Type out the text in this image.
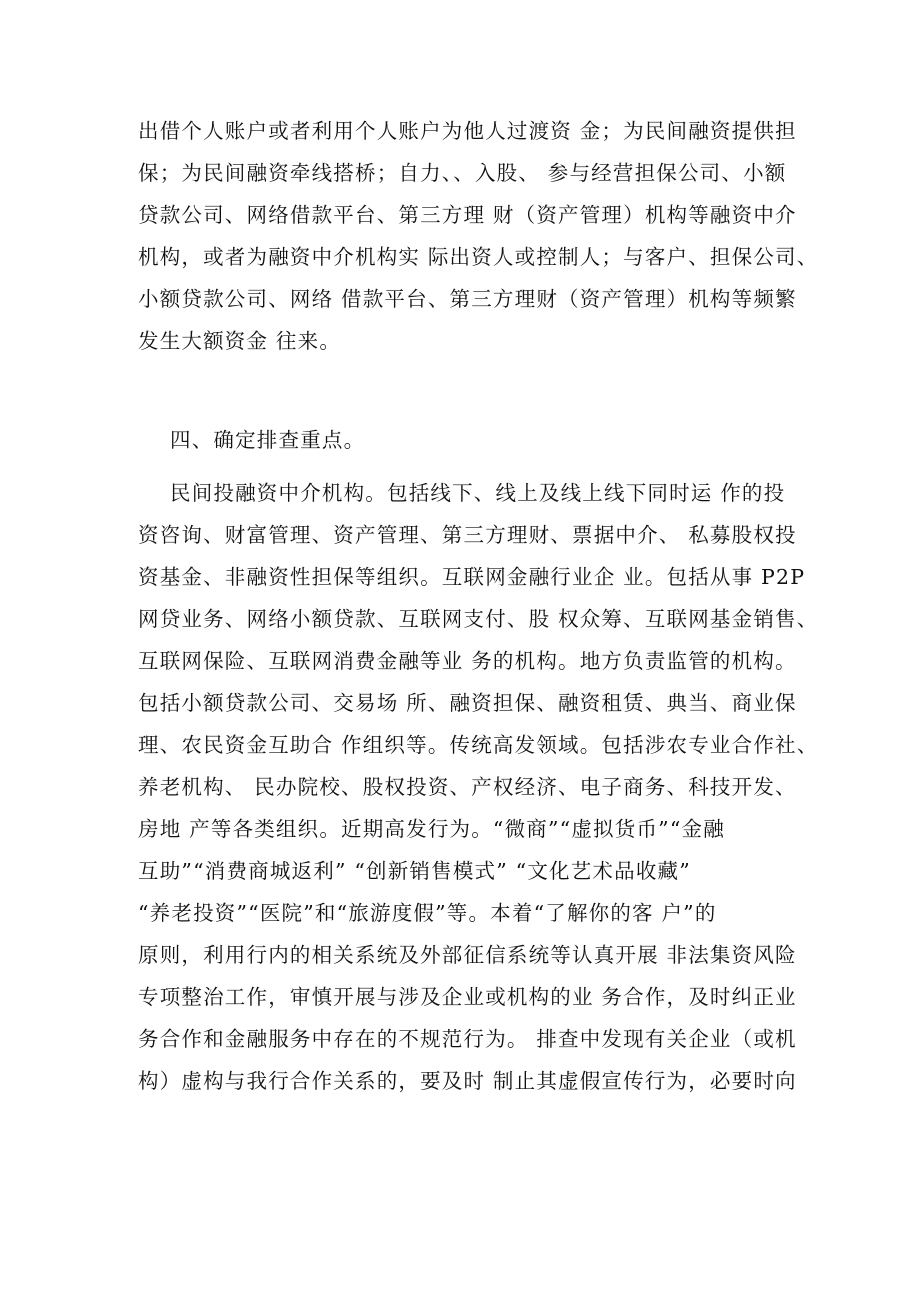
出借个人账户或者利用个人账户为他人过渡资 金；为民间融资提供担
保；为民间融资牵线搭桥；自力、、入股、 参与经营担保公司、小额
贷款公司、网络借款平台、第三方理 财（资产管理）机构等融资中介
机构，或者为融资中介机构实 际出资人或控制人；与客户、担保公司、
小额贷款公司、网络 借款平台、第三方理财（资产管理）机构等频繁
发生大额资金 往来。
四、确定排查重点。
民间投融资中介机构。包括线下、线上及线上线下同时运 作的投
资咨询、财富管理、资产管理、第三方理财、票据中介、 私募股权投
资基金、非融资性担保等组织。互联网金融行业企 业。包括从事 P2P
网贷业务、网络小额贷款、互联网支付、股 权众筹、互联网基金销售、
互联网保险、互联网消费金融等业 务的机构。地方负责监管的机构。
包括小额贷款公司、交易场 所、融资担保、融资租赁、典当、商业保
理、农民资金互助合 作组织等。传统高发领域。包括涉农专业合作社、
养老机构、 民办院校、股权投资、产权经济、电子商务、科技开发、
房地 产等各类组织。近期高发行为。“微商”“虚拟货币”“金融
互助”“消费商城返利” “创新销售模式” “文化艺术品收藏”
“养老投资”“医院”和“旅游度假”等。本着“了解你的客 户”的
原则，利用行内的相关系统及外部征信系统等认真开展 非法集资风险
专项整治工作，审慎开展与涉及企业或机构的业 务合作，及时纠正业
务合作和金融服务中存在的不规范行为。 排查中发现有关企业（或机
构）虚构与我行合作关系的，要及时 制止其虚假宣传行为，必要时向
